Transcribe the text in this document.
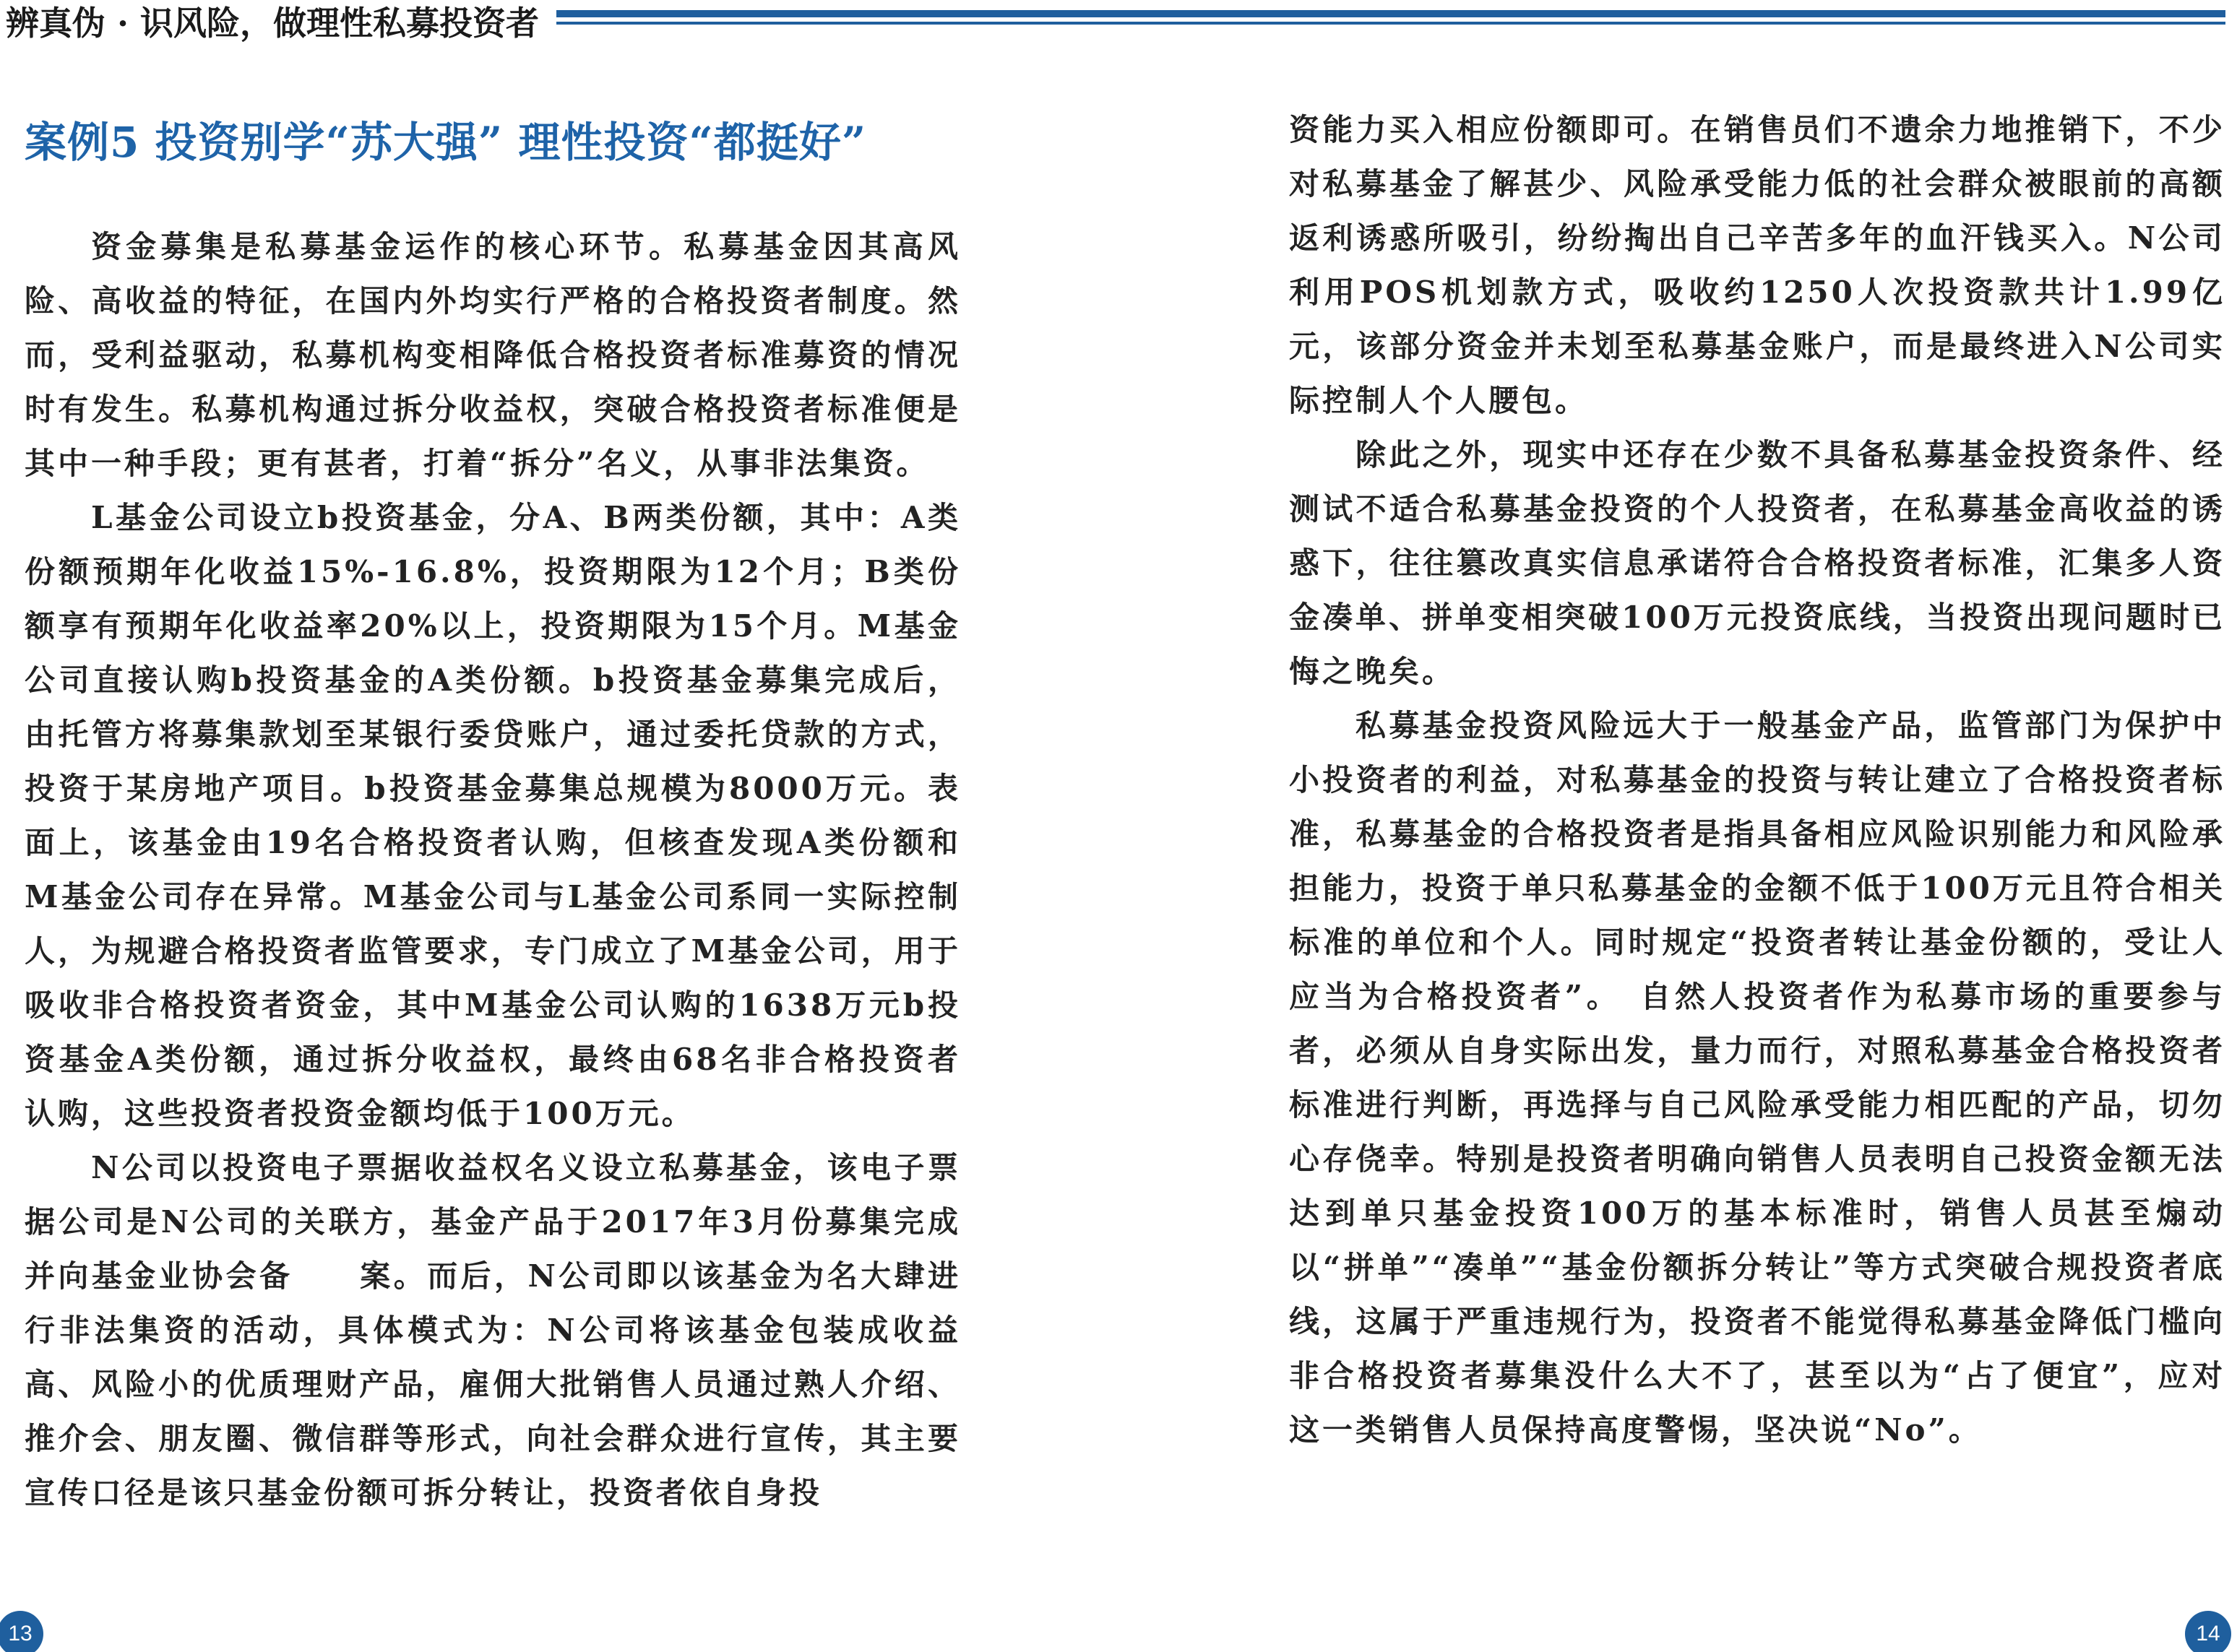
辨真伪 · 识风险，做理性私募投资者
案例5 投资别学“苏大强” 理性投资“都挺好”

资金募集是私募基金运作的核心环节。私募基金因其高风险、高收益的特征，在国内外均实行严格的合格投资者制度。然而，受利益驱动，私募机构变相降低合格投资者标准募资的情况时有发生。私募机构通过拆分收益权，突破合格投资者标准便是其中一种手段；更有甚者，打着“拆分”名义，从事非法集资。

L基金公司设立b投资基金，分A、B两类份额，其中：A类份额预期年化收益15%-16.8%，投资期限为12个月；B类份额享有预期年化收益率20%以上，投资期限为15个月。M基金公司直接认购b投资基金的A类份额。b投资基金募集完成后，由托管方将募集款划至某银行委贷账户，通过委托贷款的方式，投资于某房地产项目。b投资基金募集总规模为8000万元。表面上，该基金由19名合格投资者认购，但核查发现A类份额和M基金公司存在异常。M基金公司与L基金公司系同一实际控制人，为规避合格投资者监管要求，专门成立了M基金公司，用于吸收非合格投资者资金，其中M基金公司认购的1638万元b投资基金A类份额，通过拆分收益权，最终由68名非合格投资者认购，这些投资者投资金额均低于100万元。

N公司以投资电子票据收益权名义设立私募基金，该电子票据公司是N公司的关联方，基金产品于2017年3月份募集完成并向基金业协会备　　案。而后，N公司即以该基金为名大肆进行非法集资的活动，具体模式为：N公司将该基金包装成收益高、风险小的优质理财产品，雇佣大批销售人员通过熟人介绍、推介会、朋友圈、微信群等形式，向社会群众进行宣传，其主要宣传口径是该只基金份额可拆分转让，投资者依自身投

资能力买入相应份额即可。在销售员们不遗余力地推销下，不少对私募基金了解甚少、风险承受能力低的社会群众被眼前的高额返利诱惑所吸引，纷纷掏出自己辛苦多年的血汗钱买入。N公司利用POS机划款方式，吸收约1250人次投资款共计1.99亿元，该部分资金并未划至私募基金账户，而是最终进入N公司实际控制人个人腰包。

除此之外，现实中还存在少数不具备私募基金投资条件、经测试不适合私募基金投资的个人投资者，在私募基金高收益的诱惑下，往往篡改真实信息承诺符合合格投资者标准，汇集多人资金凑单、拼单变相突破100万元投资底线，当投资出现问题时已悔之晚矣。

私募基金投资风险远大于一般基金产品，监管部门为保护中小投资者的利益，对私募基金的投资与转让建立了合格投资者标准，私募基金的合格投资者是指具备相应风险识别能力和风险承担能力，投资于单只私募基金的金额不低于100万元且符合相关标准的单位和个人。同时规定“投资者转让基金份额的，受让人应当为合格投资者”。　自然人投资者作为私募市场的重要参与者，必须从自身实际出发，量力而行，对照私募基金合格投资者标准进行判断，再选择与自己风险承受能力相匹配的产品，切勿心存侥幸。特别是投资者明确向销售人员表明自己投资金额无法达到单只基金投资100万的基本标准时，销售人员甚至煽动以“拼单”“凑单”“基金份额拆分转让”等方式突破合规投资者底线，这属于严重违规行为，投资者不能觉得私募基金降低门槛向非合格投资者募集没什么大不了，甚至以为“占了便宜”，应对这一类销售人员保持高度警惕，坚决说“No”。

13	14
